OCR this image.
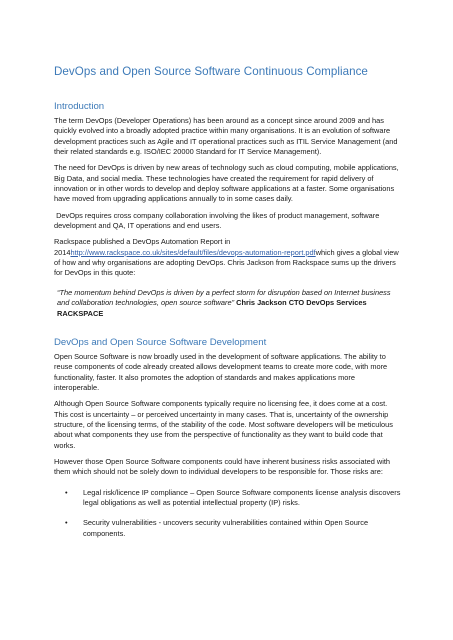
DevOps and Open Source Software Continuous Compliance
Introduction

The term DevOps (Developer Operations) has been around as a concept since around 2009 and has quickly evolved into a broadly adopted practice within many organisations. It is an evolution of software development practices such as Agile and IT operational practices such as ITIL Service Management (and their related standards e.g. ISO/IEC 20000 Standard for IT Service Management).

The need for DevOps is driven by new areas of technology such as cloud computing, mobile applications, Big Data, and social media. These technologies have created the requirement for rapid delivery of innovation or in other words to develop and deploy software applications at a faster. Some organisations have moved from upgrading applications annually to in some cases daily.

DevOps requires cross company collaboration involving the likes of product management, software development and QA, IT operations and end users.

Rackspace published a DevOps Automation Report in 2014http://www.rackspace.co.uk/sites/default/files/devops-automation-report.pdfwhich gives a global view of how and why organisations are adopting DevOps. Chris Jackson from Rackspace sums up the drivers for DevOps in this quote:

“The momentum behind DevOps is driven by a perfect storm for disruption based on Internet business and collaboration technologies, open source software” Chris Jackson CTO DevOps Services RACKSPACE

DevOps and Open Source Software Development

Open Source Software is now broadly used in the development of software applications. The ability to reuse components of code already created allows development teams to create more code, with more functionality, faster. It also promotes the adoption of standards and makes applications more interoperable.

Although Open Source Software components typically require no licensing fee, it does come at a cost. This cost is uncertainty – or perceived uncertainty in many cases. That is, uncertainty of the ownership structure, of the licensing terms, of the stability of the code. Most software developers will be meticulous about what components they use from the perspective of functionality as they want to build code that works.

However those Open Source Software components could have inherent business risks associated with them which should not be solely down to individual developers to be responsible for. Those risks are:

• Legal risk/licence IP compliance – Open Source Software components license analysis discovers legal obligations as well as potential intellectual property (IP) risks.
• Security vulnerabilities - uncovers security vulnerabilities contained within Open Source components.
